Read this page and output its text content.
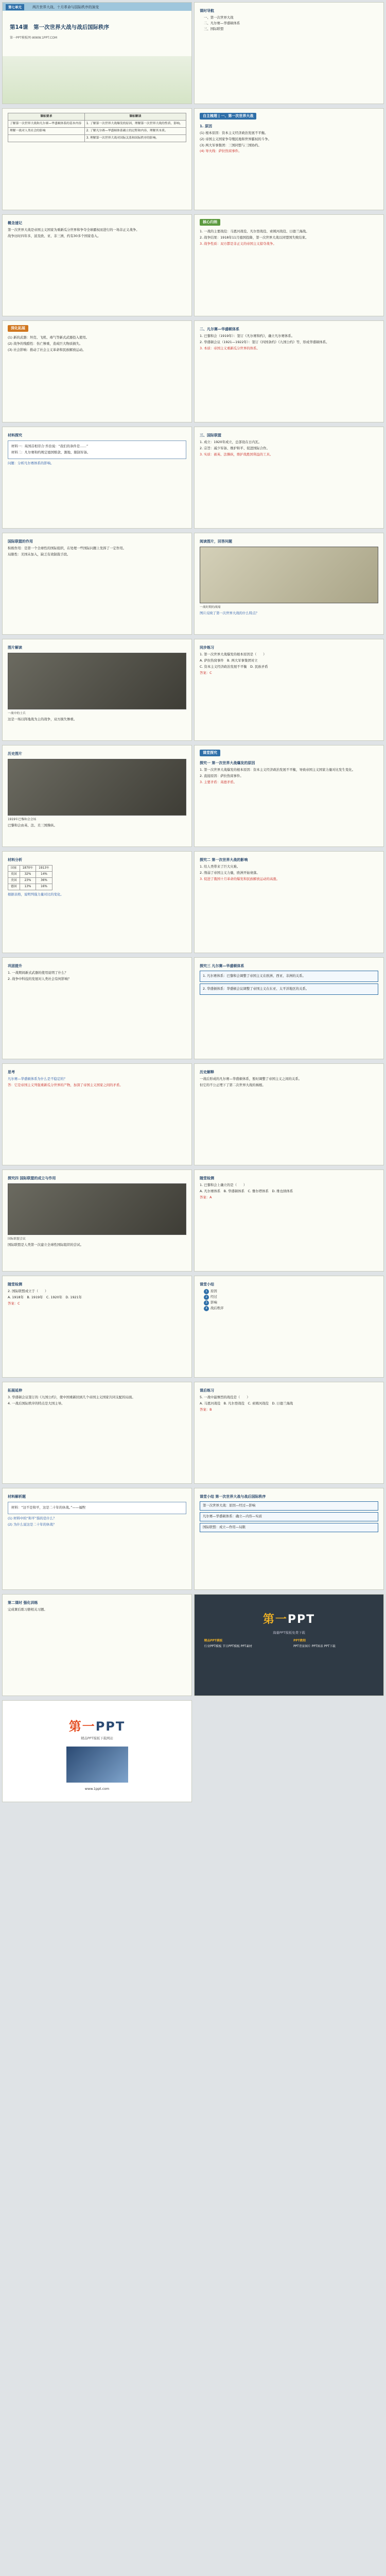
第七单元	两次世界大战、十月革命与国际秩序的演变
第14课　第一次世界大战与战后国际秩序
第一PPT模板网-WWW.1PPT.COM
课时导航
一、第一次世界大战
二、凡尔赛—华盛顿体系
三、国际联盟
课标要求	课标解读
了解第一次世界大战和凡尔赛—华盛顿体系的基本内容	1. 了解第一次世界大战爆发的原因，理解第一次世界大战的性质、影响。
理解一战对人类社会的影响	2. 了解凡尔赛—华盛顿体系确立的过程和内容，理解其本质。
	3. 理解第一次世界大战对国际关系和国际秩序的影响。
自主梳理 | 一、第一次世界大战
1. 原因
(1) 根本原因：资本主义经济政治发展不平衡。
(2) 帝国主义国家争夺殖民地和世界霸权的斗争。
(3) 两大军事集团：三国同盟与三国协约。
(4) 导火线：萨拉热窝事件。
概念速记
第一次世界大战是帝国主义国家为重新瓜分世界和争夺全球霸权而进行的一场非正义战争。
战争历时四年多，波及欧、亚、非三洲，约有30多个国家卷入。
核心归纳
1. 一战的主要战役：马恩河战役、凡尔登战役、索姆河战役、日德兰海战。
2. 战争结果：1918年11月德国投降，第一次世界大战以同盟国失败结束。
3. 战争性质：双方都是非正义的帝国主义掠夺战争。
深化拓展
(1) 新的武器：坦克、飞机、毒气等新式武器投入使用。
(2) 战争的残酷性：伤亡惨重，造成巨大物质损失。
(3) 社会影响：推动了社会主义革命和民族解放运动。
二、凡尔赛—华盛顿体系
1. 巴黎和会（1919年）：签订《凡尔赛和约》，确立凡尔赛体系。
2. 华盛顿会议（1921—1922年）：签订《四国条约》《九国公约》等，形成华盛顿体系。
3. 本质：帝国主义重新瓜分世界的体系。
材料探究
材料一：英国首相劳合·乔治说：“我们的条件是……”
材料二：凡尔赛和约规定德国赔款、割地、限制军备。
问题：分析凡尔赛体系的影响。
三、国际联盟
1. 成立：1920年成立，总部设在日内瓦。
2. 宗旨：减少军备、维护和平、促进国际合作。
3. 实质：被英、法操纵，维护战胜国利益的工具。
国际联盟的作用
积极作用：是第一个全球性的国际组织，在处理一些国际问题上发挥了一定作用。
局限性：美国未加入，缺乏有效制裁手段。
阅读图片，回答问题
一战时期的战壕
图片反映了第一次世界大战的什么特点？
图片解读
一战中的士兵
这是一场以阵地战为主的战争，双方损失惨重。
同步练习
1. 第一次世界大战爆发的根本原因是（　　）
A. 萨拉热窝事件　B. 两大军事集团对立
C. 资本主义经济政治发展不平衡　D. 民族矛盾
答案：C
历史图片
1919年巴黎和会会场
巴黎和会由英、法、美三国操纵。
课堂探究
探究一 第一次世界大战爆发的原因
1. 第一次世界大战爆发的根本原因：资本主义经济政治发展不平衡，导致帝国主义国家力量对比发生变化。
2. 直接原因：萨拉热窝事件。
3. 主要矛盾：英德矛盾。
材料分析
国家	1870年	1913年
英国	32%	14%
美国	23%	36%
德国	13%	16%
根据表格，说明列强力量对比的变化。
探究二 第一次世界大战的影响
1. 给人类带来了巨大灾难。
2. 削弱了帝国主义力量，欧洲开始衰落。
3. 促进了俄国十月革命的爆发和民族解放运动的高涨。
巩固提升
1. 一战期间新式武器的使用说明了什么？
2. 战争中科技的发展对人类社会有何影响？
探究三 凡尔赛—华盛顿体系
1. 凡尔赛体系：巴黎和会调整了帝国主义在欧洲、西亚、非洲的关系。
2. 华盛顿体系：华盛顿会议调整了帝国主义在东亚、太平洋地区的关系。
思考
凡尔赛—华盛顿体系为什么是不稳定的？
答：它是帝国主义列强重新瓜分世界的产物，加深了帝国主义国家之间的矛盾。
历史解释
一战后形成的凡尔赛—华盛顿体系，暂时调整了帝国主义之间的关系。
但它的不公正埋下了第二次世界大战的祸根。
探究四 国际联盟的成立与作用
国际联盟会议
国际联盟是人类第一次建立全球性国际组织的尝试。
随堂检测
1. 巴黎和会上确立的是（　　）
A. 凡尔赛体系　B. 华盛顿体系　C. 雅尔塔体系　D. 维也纳体系
答案：A
随堂检测
2. 国际联盟成立于（　　）
A. 1918年　B. 1919年　C. 1920年　D. 1921年
答案：C
课堂小结
1 原因
2 经过
3 影响
4 战后秩序
拓展延伸
3. 华盛顿会议签订的《九国公约》，使中国重新回到几个帝国主义国家共同支配的局面。
4. 一战后国际秩序的特点是大国主导。
课后练习
5. 一战中最惨烈的战役是（　　）
A. 马恩河战役　B. 凡尔登战役　C. 索姆河战役　D. 日德兰海战
答案：B
材料解析题
材料：“这不是和平，这是二十年的休战。”——福煦
(1) 材料中的“和平”指的是什么？
(2) 为什么说这是二十年的休战？
课堂小结 第一次世界大战与战后国际秩序
第一次世界大战：原因—经过—影响
凡尔赛—华盛顿体系：确立—内容—实质
国际联盟：成立—作用—局限
第二课时 强化训练
完成课后练习册相关习题。
第一PPT
海量PPT模板免费下载
精品PPT模板
行业PPT模板 节日PPT模板 PPT素材
PPT教程
PPT背景图片 PPT图表 PPT下载
第一PPT
精品PPT模板下载网站
www.1ppt.com
